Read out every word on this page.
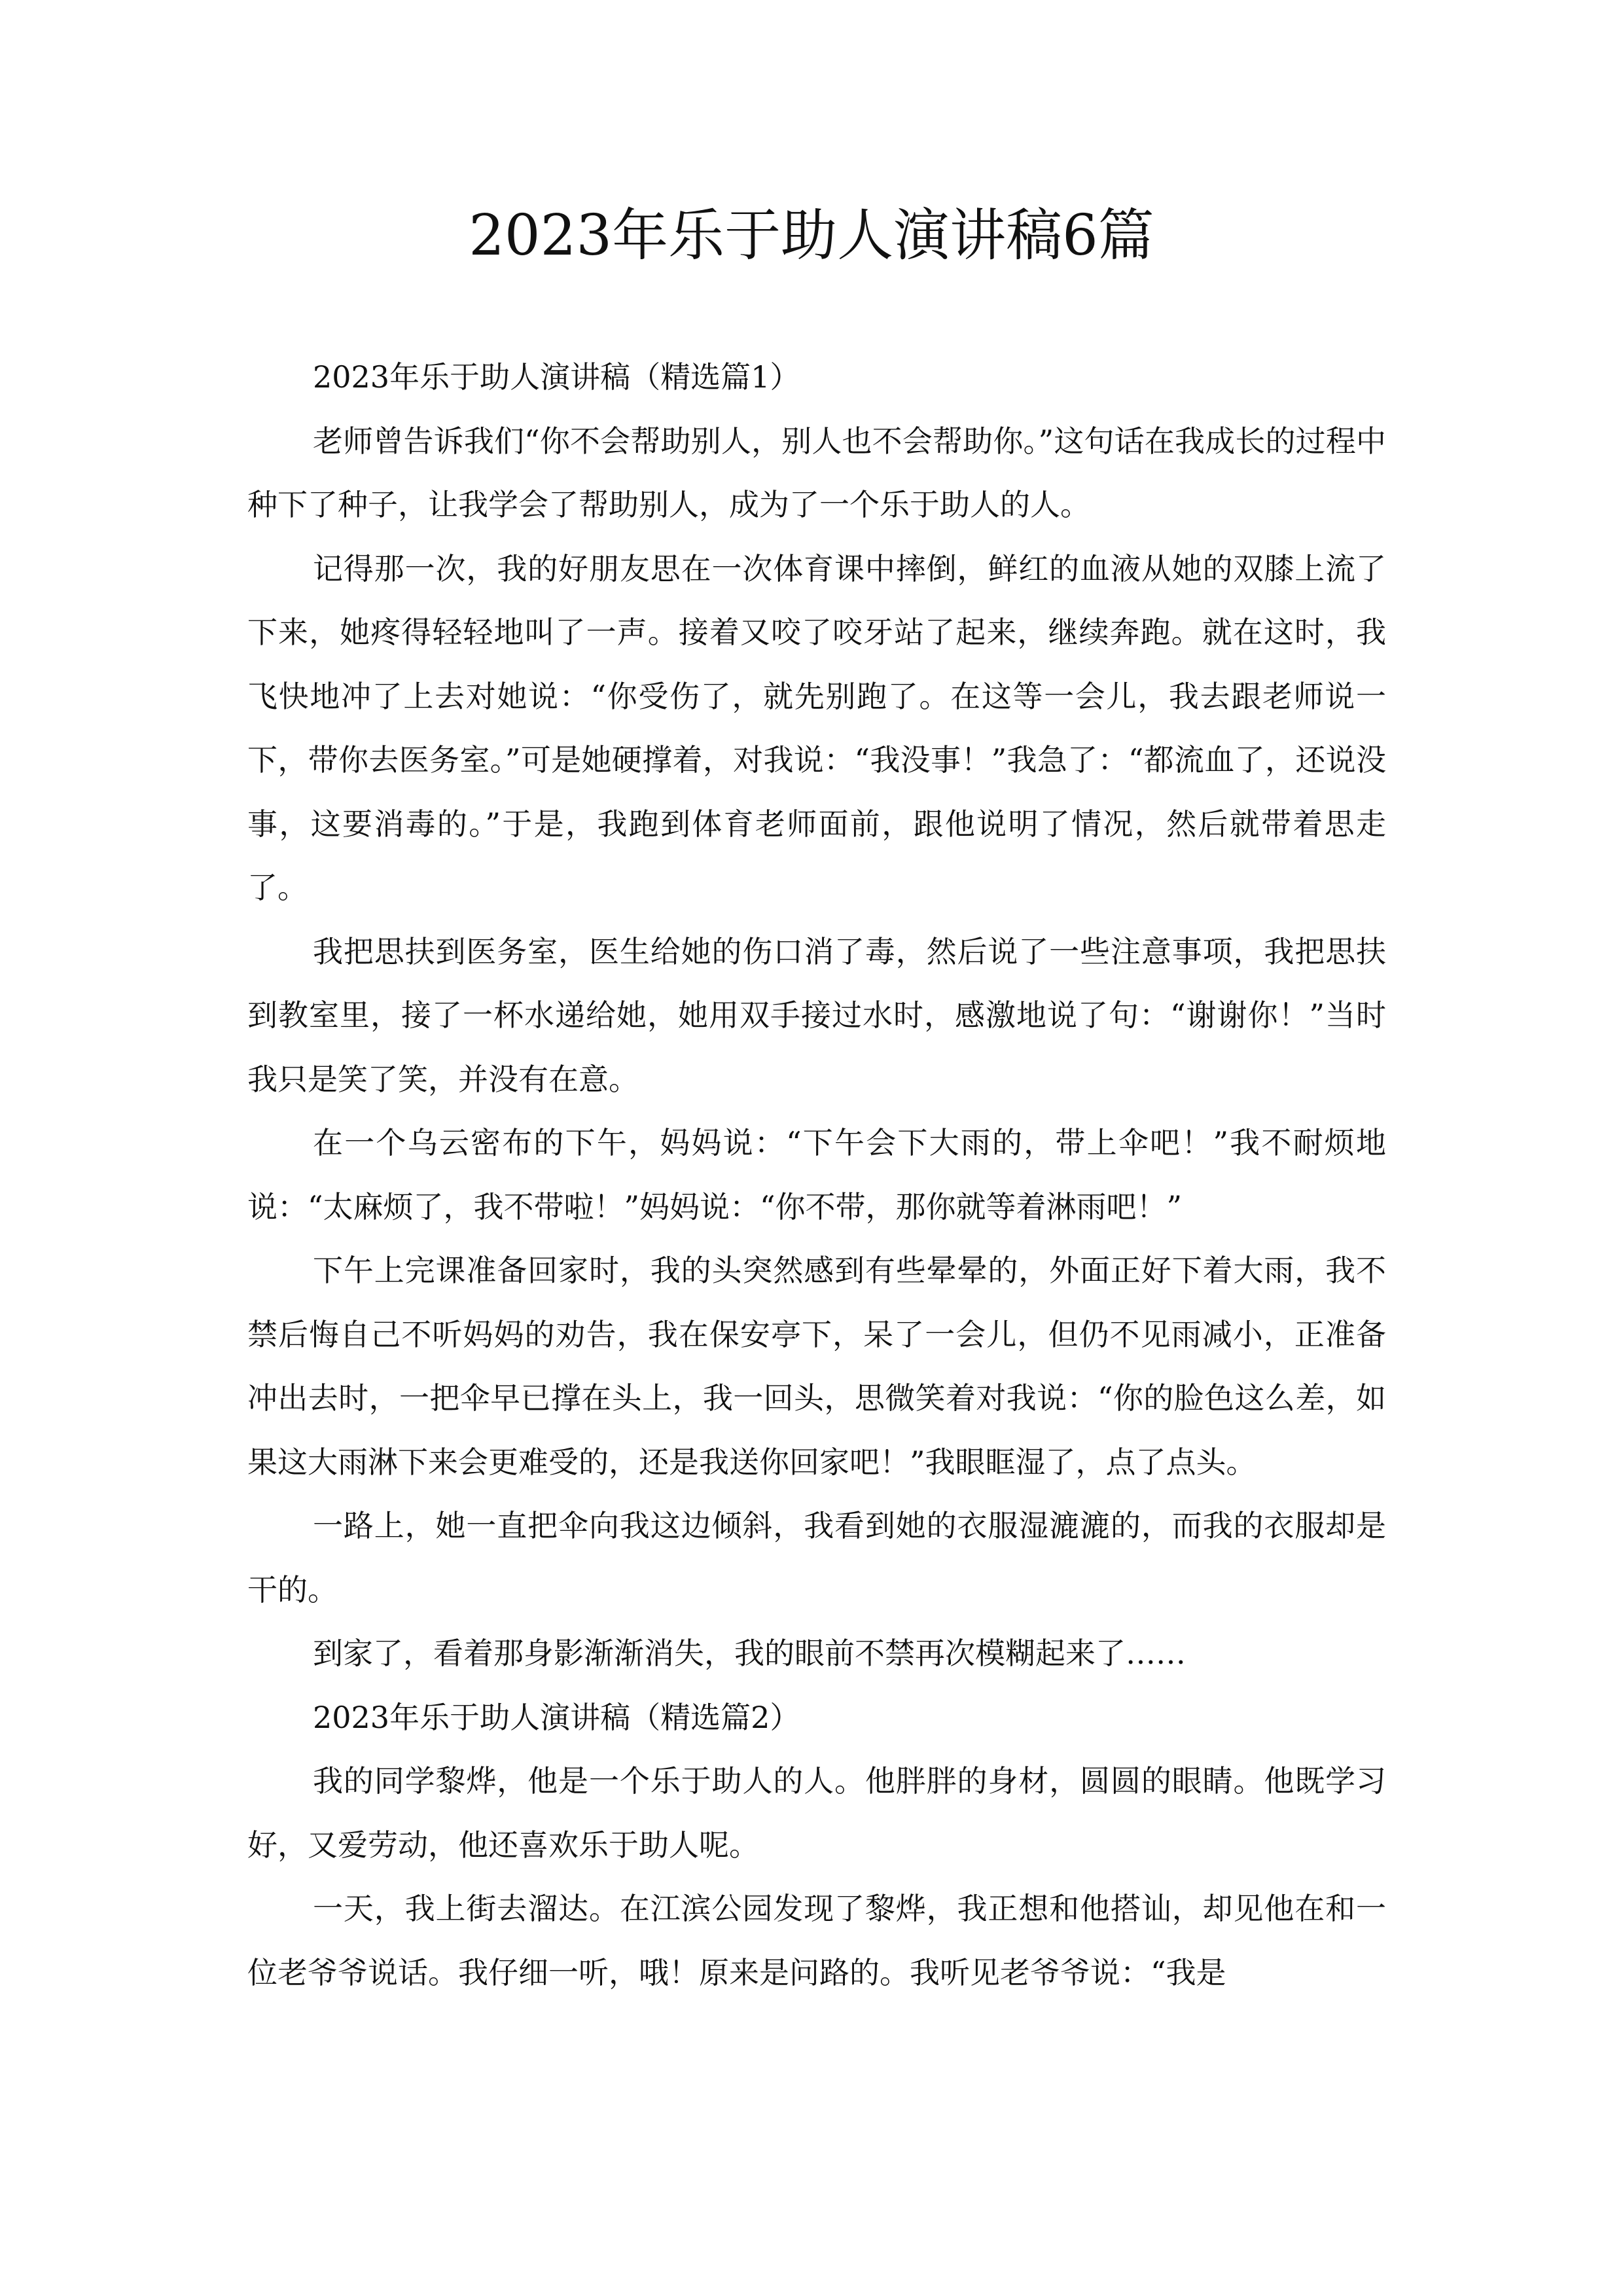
2023年乐于助人演讲稿6篇

2023年乐于助人演讲稿（精选篇1）

老师曾告诉我们“你不会帮助别人，别人也不会帮助你。”这句话在我成长的过程中种下了种子，让我学会了帮助别人，成为了一个乐于助人的人。

记得那一次，我的好朋友思在一次体育课中摔倒，鲜红的血液从她的双膝上流了下来，她疼得轻轻地叫了一声。接着又咬了咬牙站了起来，继续奔跑。就在这时，我飞快地冲了上去对她说：“你受伤了，就先别跑了。在这等一会儿，我去跟老师说一下，带你去医务室。”可是她硬撑着，对我说：“我没事！”我急了：“都流血了，还说没事，这要消毒的。”于是，我跑到体育老师面前，跟他说明了情况，然后就带着思走了。

我把思扶到医务室，医生给她的伤口消了毒，然后说了一些注意事项，我把思扶到教室里，接了一杯水递给她，她用双手接过水时，感激地说了句：“谢谢你！”当时我只是笑了笑，并没有在意。

在一个乌云密布的下午，妈妈说：“下午会下大雨的，带上伞吧！”我不耐烦地说：“太麻烦了，我不带啦！”妈妈说：“你不带，那你就等着淋雨吧！”

下午上完课准备回家时，我的头突然感到有些晕晕的，外面正好下着大雨，我不禁后悔自己不听妈妈的劝告，我在保安亭下，呆了一会儿，但仍不见雨减小，正准备冲出去时，一把伞早已撑在头上，我一回头，思微笑着对我说：“你的脸色这么差，如果这大雨淋下来会更难受的，还是我送你回家吧！”我眼眶湿了，点了点头。

一路上，她一直把伞向我这边倾斜，我看到她的衣服湿漉漉的，而我的衣服却是干的。

到家了，看着那身影渐渐消失，我的眼前不禁再次模糊起来了……

2023年乐于助人演讲稿（精选篇2）

我的同学黎烨，他是一个乐于助人的人。他胖胖的身材，圆圆的眼睛。他既学习好，又爱劳动，他还喜欢乐于助人呢。

一天，我上街去溜达。在江滨公园发现了黎烨，我正想和他搭讪，却见他在和一位老爷爷说话。我仔细一听，哦！原来是问路的。我听见老爷爷说：“我是
